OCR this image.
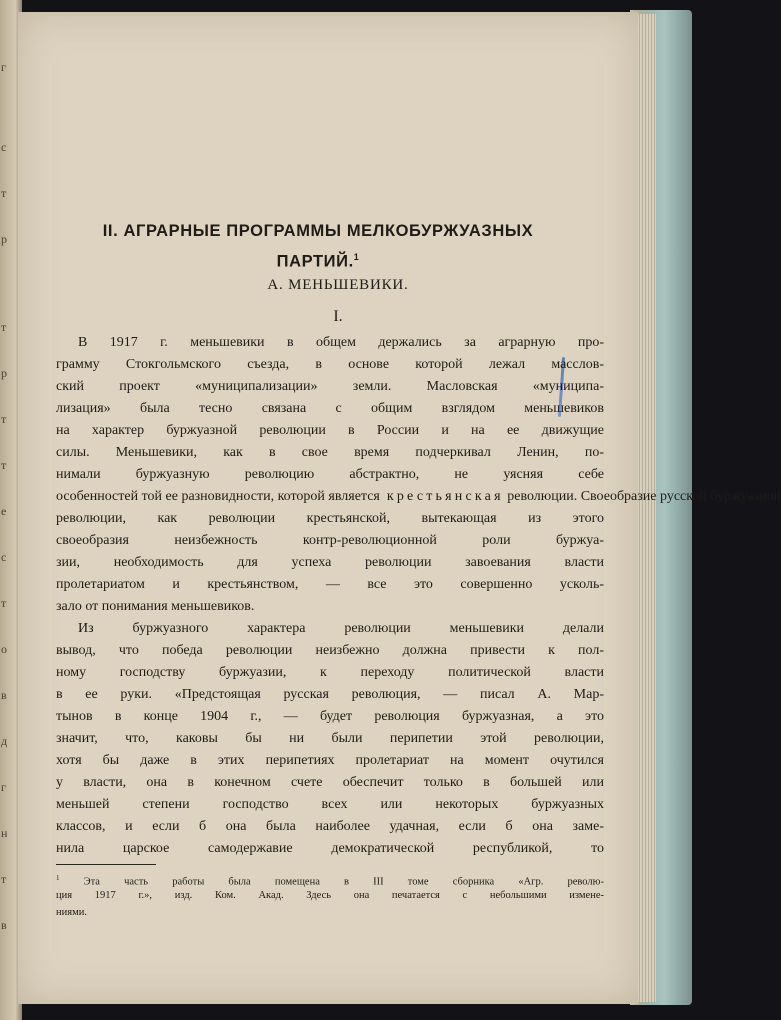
г
с
т
р
т
р
т
т
е
с
т
о
в
д
г
н
т
в
II. АГРАРНЫЕ ПРОГРАММЫ МЕЛКОБУРЖУАЗНЫХ
ПАРТИЙ.$^1$
А. МЕНЬШЕВИКИ.
I.
В 1917 г. меньшевики в общем держались за аграрную про-
грамму Стокгольмского съезда, в основе которой лежал масслов-
ский проект «муниципализации» земли. Масловская «муниципа-
лизация» была тесно связана с общим взглядом меньшевиков
на характер буржуазной революции в России и на ее движущие
силы. Меньшевики, как в свое время подчеркивал Ленин, по-
нимали буржуазную революцию абстрактно, не уясняя себе
особенностей той ее разновидности, которой является крестьянская революции. Своеобразие русской буржуазной
революции, как революции крестьянской, вытекающая из этого
своеобразия неизбежность контр-революционной роли буржуа-
зии, необходимость для успеха революции завоевания власти
пролетариатом и крестьянством, — все это совершенно усколь-
зало от понимания меньшевиков.
Из буржуазного характера революции меньшевики делали
вывод, что победа революции неизбежно должна привести к пол-
ному господству буржуазии, к переходу политической власти
в ее руки. «Предстоящая русская революция, — писал А. Мар-
тынов в конце 1904 г., — будет революция буржуазная, а это
значит, что, каковы бы ни были перипетии этой революции,
хотя бы даже в этих перипетиях пролетариат на момент очутился
у власти, она в конечном счете обеспечит только в большей или
меньшей степени господство всех или некоторых буржуазных
классов, и если б она была наиболее удачная, если б она заме-
нила царское самодержавие демократической республикой, то
$^1$ Эта часть работы была помещена в III томе сборника «Агр. револю-
ция 1917 г.», изд. Ком. Акад. Здесь она печатается с небольшими измене-
ниями.
